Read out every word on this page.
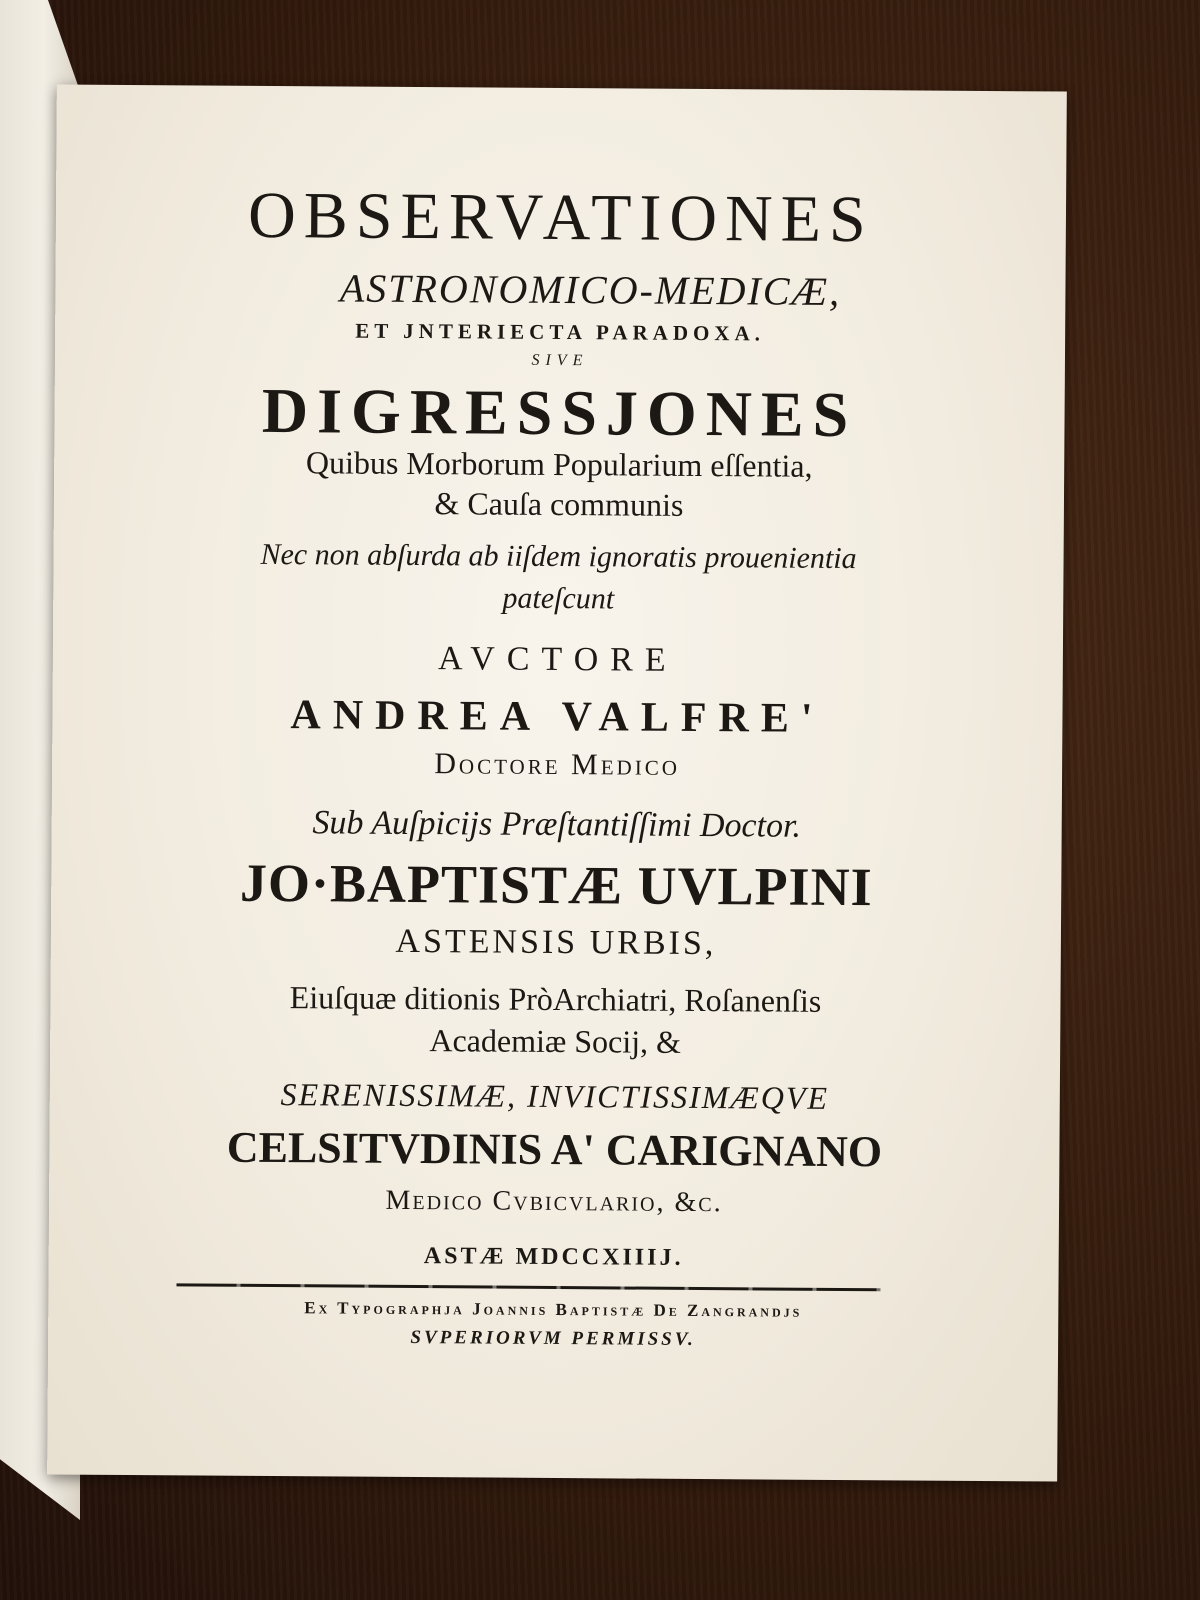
OBSERVATIONES
ASTRONOMICO-MEDICÆ,
ET JNTERIECTA PARADOXA.
SIVE
DIGRESSJONES
Quibus Morborum Popularium eſſentia,
& Cauſa communis
Nec non abſurda ab iiſdem ignoratis prouenientia
pateſcunt
AVCTORE
ANDREA VALFRE'
Doctore Medico
Sub Auſpicijs Præſtantiſſimi Doctor.
JO·BAPTISTÆ UVLPINI
ASTENSIS URBIS,
Eiuſquæ ditionis PròArchiatri, Roſanenſis
Academiæ Socij, &
SERENISSIMÆ, INVICTISSIMÆQVE
CELSITVDINIS A' CARIGNANO
Medico Cvbicvlario, &c.
ASTÆ MDCCXIIIJ.
Ex Typographja Joannis Baptistæ De Zangrandjs
SVPERIORVM PERMISSV.
